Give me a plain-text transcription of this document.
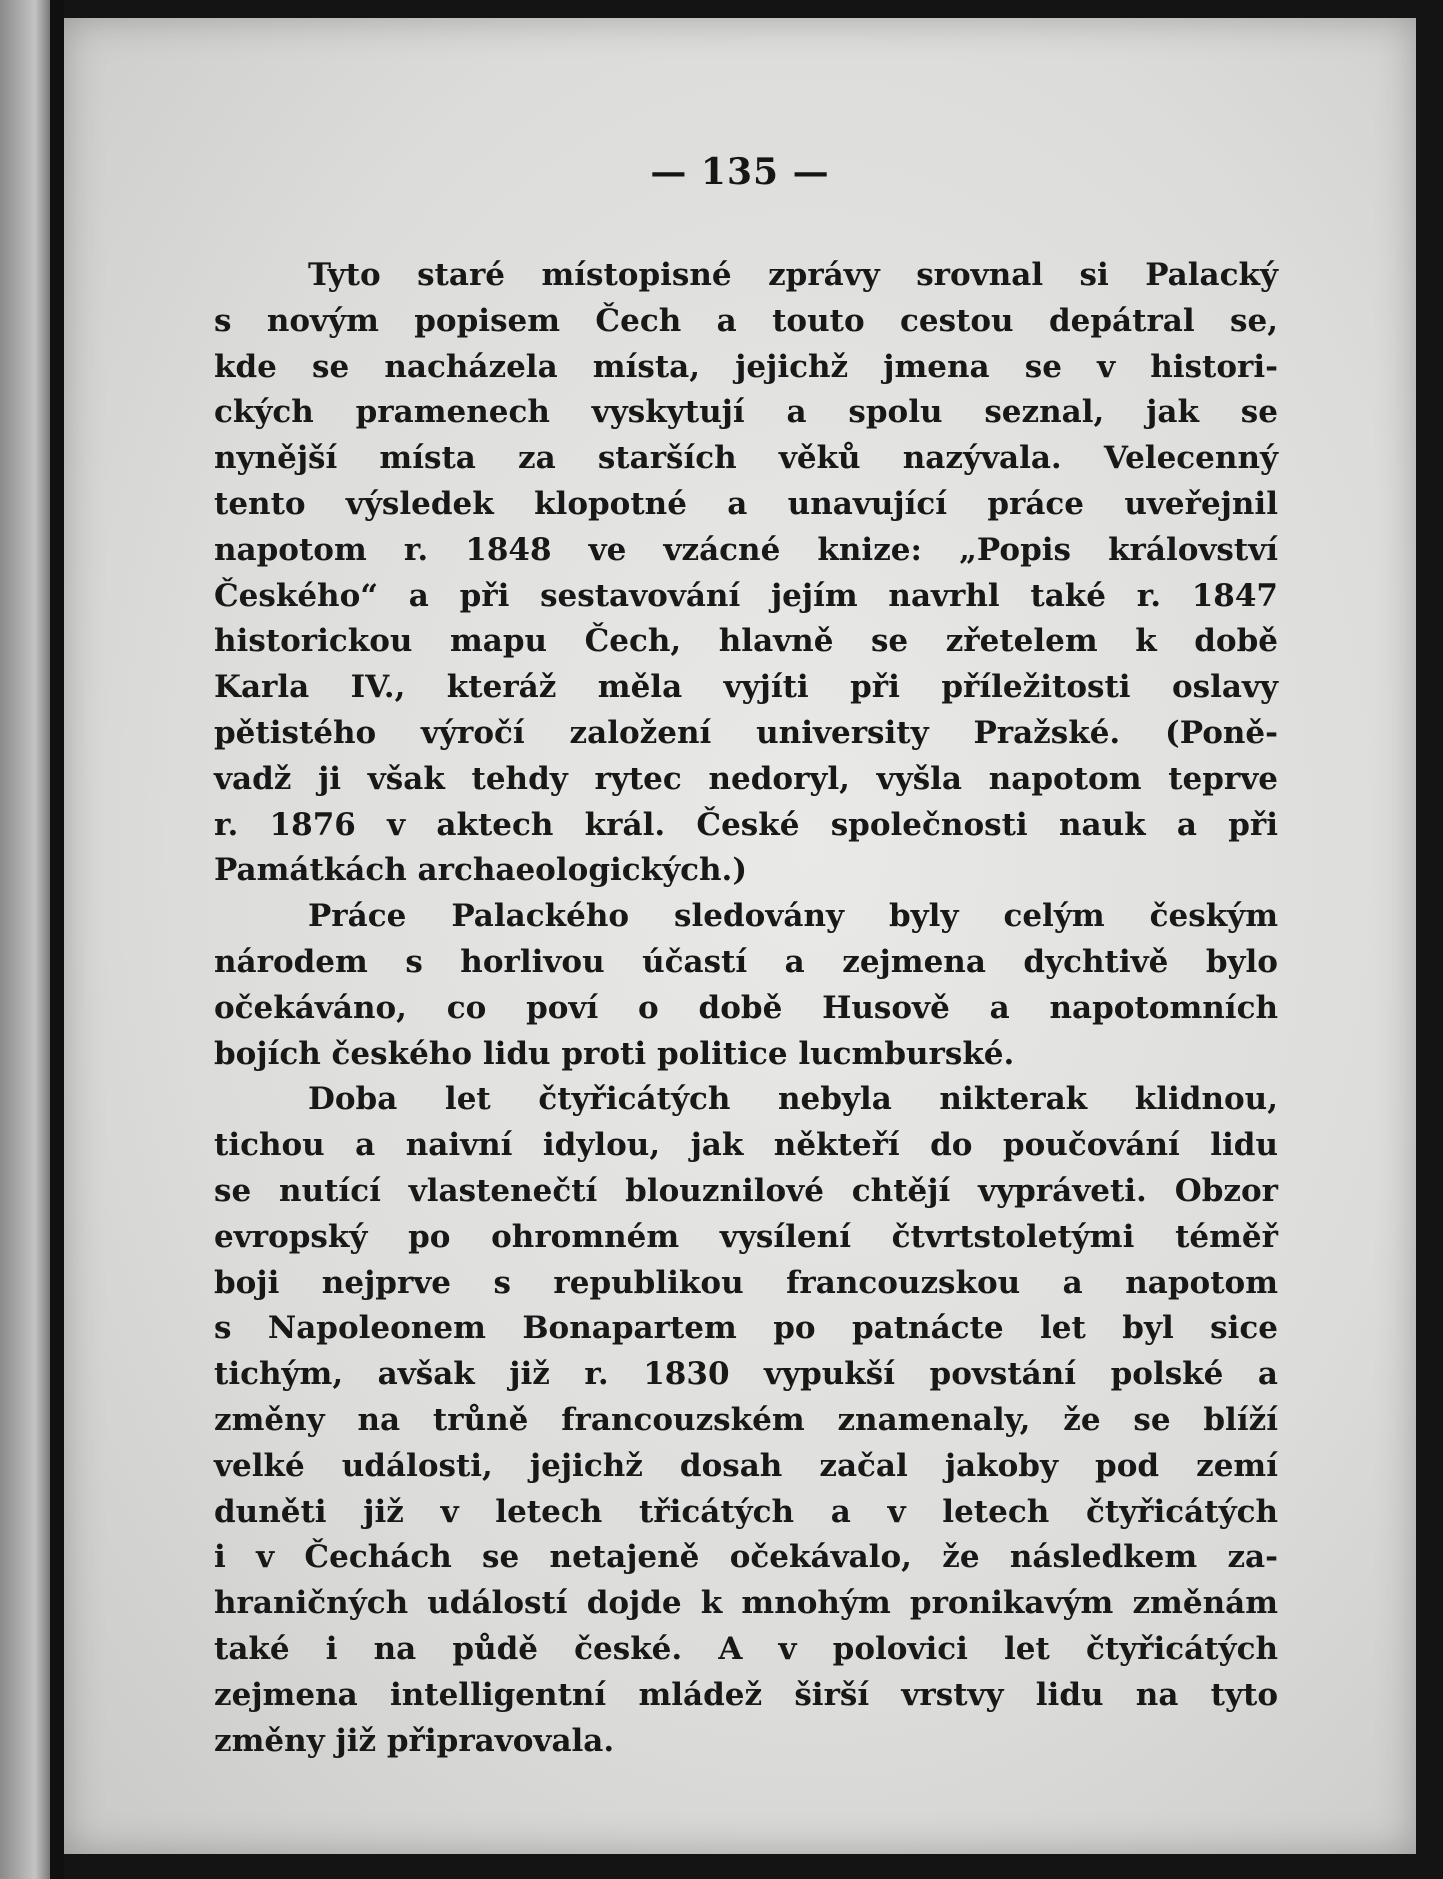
— 135 —
Tyto staré místopisné zprávy srovnal si Palacký
s novým popisem Čech a touto cestou depátral se,
kde se nacházela místa, jejichž jmena se v histori-
ckých pramenech vyskytují a spolu seznal, jak se
nynější místa za starších věků nazývala. Velecenný
tento výsledek klopotné a unavující práce uveřejnil
napotom r. 1848 ve vzácné knize: „Popis království
Českého“ a při sestavování jejím navrhl také r. 1847
historickou mapu Čech, hlavně se zřetelem k době
Karla IV., kteráž měla vyjíti při příležitosti oslavy
pětistého výročí založení university Pražské. (Poně-
vadž ji však tehdy rytec nedoryl, vyšla napotom teprve
r. 1876 v aktech král. České společnosti nauk a při
Památkách archaeologických.)
Práce Palackého sledovány byly celým českým
národem s horlivou účastí a zejmena dychtivě bylo
očekáváno, co poví o době Husově a napotomních
bojích českého lidu proti politice lucmburské.
Doba let čtyřicátých nebyla nikterak klidnou,
tichou a naivní idylou, jak někteří do poučování lidu
se nutící vlastenečtí blouznilové chtějí vypráveti. Obzor
evropský po ohromném vysílení čtvrtstoletými téměř
boji nejprve s republikou francouzskou a napotom
s Napoleonem Bonapartem po patnácte let byl sice
tichým, avšak již r. 1830 vypukší povstání polské a
změny na trůně francouzském znamenaly, že se blíží
velké události, jejichž dosah začal jakoby pod zemí
duněti již v letech třicátých a v letech čtyřicátých
i v Čechách se netajeně očekávalo, že následkem za-
hraničných událostí dojde k mnohým pronikavým změnám
také i na půdě české. A v polovici let čtyřicátých
zejmena intelligentní mládež širší vrstvy lidu na tyto
změny již připravovala.
